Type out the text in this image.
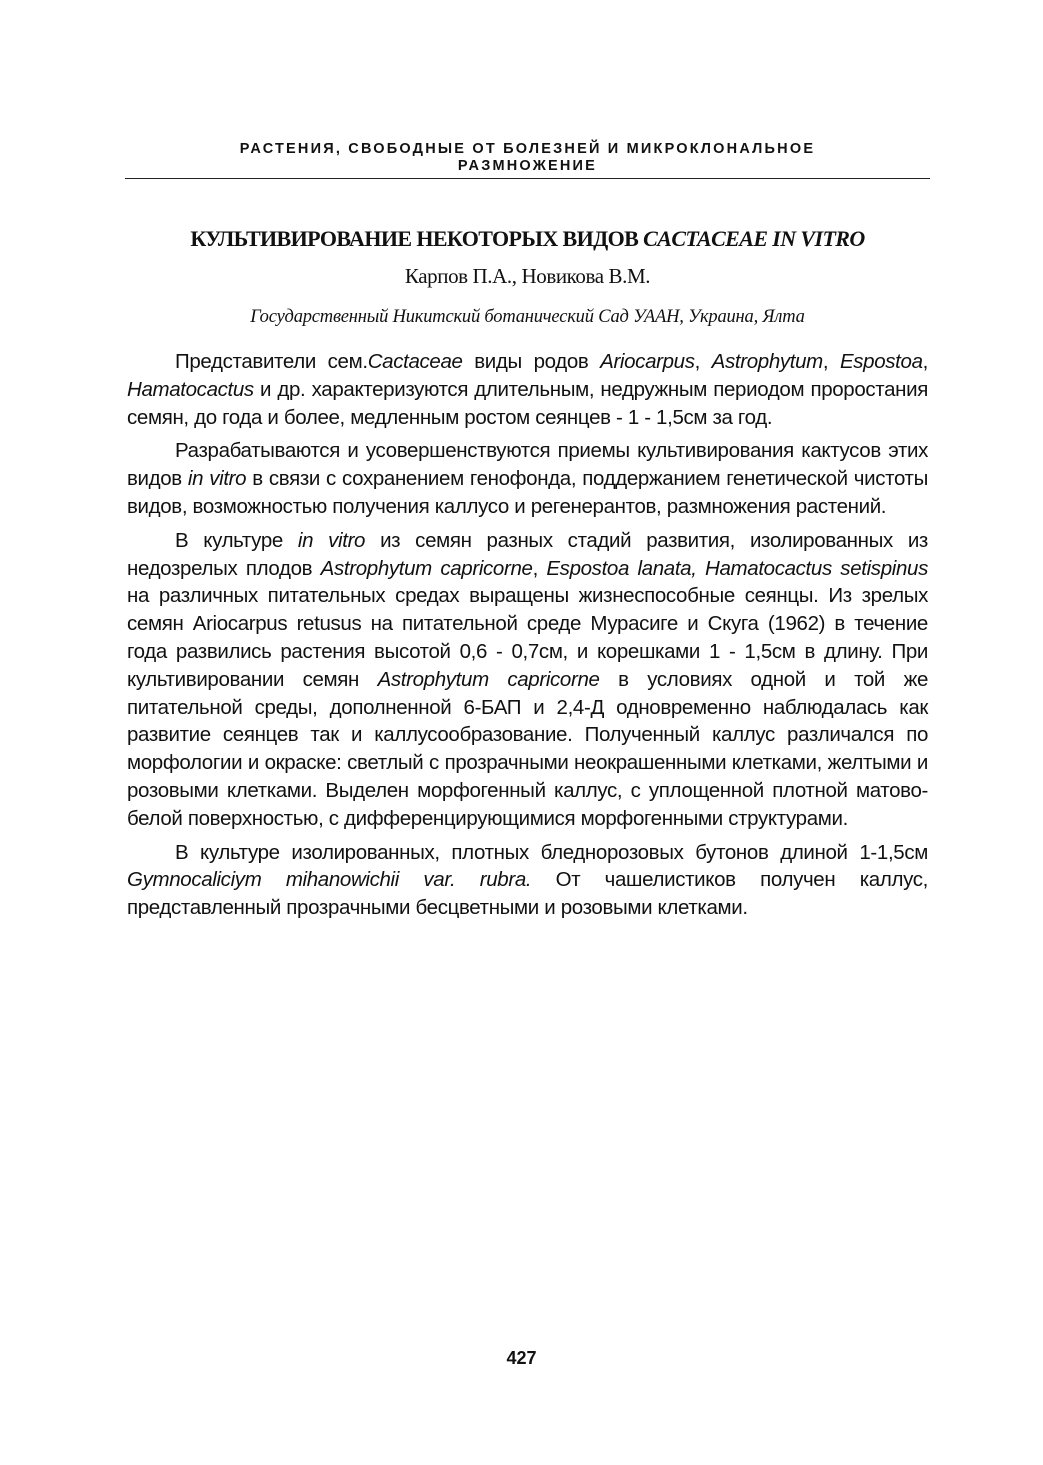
РАСТЕНИЯ, СВОБОДНЫЕ ОТ БОЛЕЗНЕЙ И МИКРОКЛОНАЛЬНОЕ
РАЗМНОЖЕНИЕ
КУЛЬТИВИРОВАНИЕ НЕКОТОРЫХ ВИДОВ CACTACEAE IN VITRO
Карпов П.А., Новикова В.М.
Государственный Никитский ботанический Сад УААН, Украина, Ялта

Представители сем.Cactaceae виды родов Ariocarpus, Astrophytum, Espostoa, Hamatocactus и др. характеризуются длительным, недружным периодом проростания семян, до года и более, медленным ростом сеянцев - 1 - 1,5см за год.

Разрабатываются и усовершенствуются приемы культивирования кактусов этих видов in vitro в связи с сохранением генофонда, поддержанием генетической чистоты видов, возможностью получения каллусо и регенерантов, размножения растений.

В культуре in vitro из семян разных стадий развития, изолированных из недозрелых плодов Astrophytum capricorne, Espostoa lanata, Hamatocactus setispinus на различных питательных средах выращены жизнеспособные сеянцы. Из зрелых семян Ariocarpus retusus на питательной среде Мурасиге и Скуга (1962) в течение года развились растения высотой 0,6 - 0,7см, и корешками 1 - 1,5см в длину. При культивировании семян Astrophytum capricorne в условиях одной и той же питательной среды, дополненной 6-БАП и 2,4-Д одновременно наблюдалась как развитие сеянцев так и каллусообразование. Полученный каллус различался по морфологии и окраске: светлый с прозрачными неокрашенными клетками, желтыми и розовыми клетками. Выделен морфогенный каллус, с уплощенной плотной матово-белой поверхностью, с дифференцирующимися морфогенными структурами.

В культуре изолированных, плотных бледнорозовых бутонов длиной 1-1,5см Gymnocaliciym mihanowichii var. rubra. От чашелистиков получен каллус, представленный прозрачными бесцветными и розовыми клетками.

427
